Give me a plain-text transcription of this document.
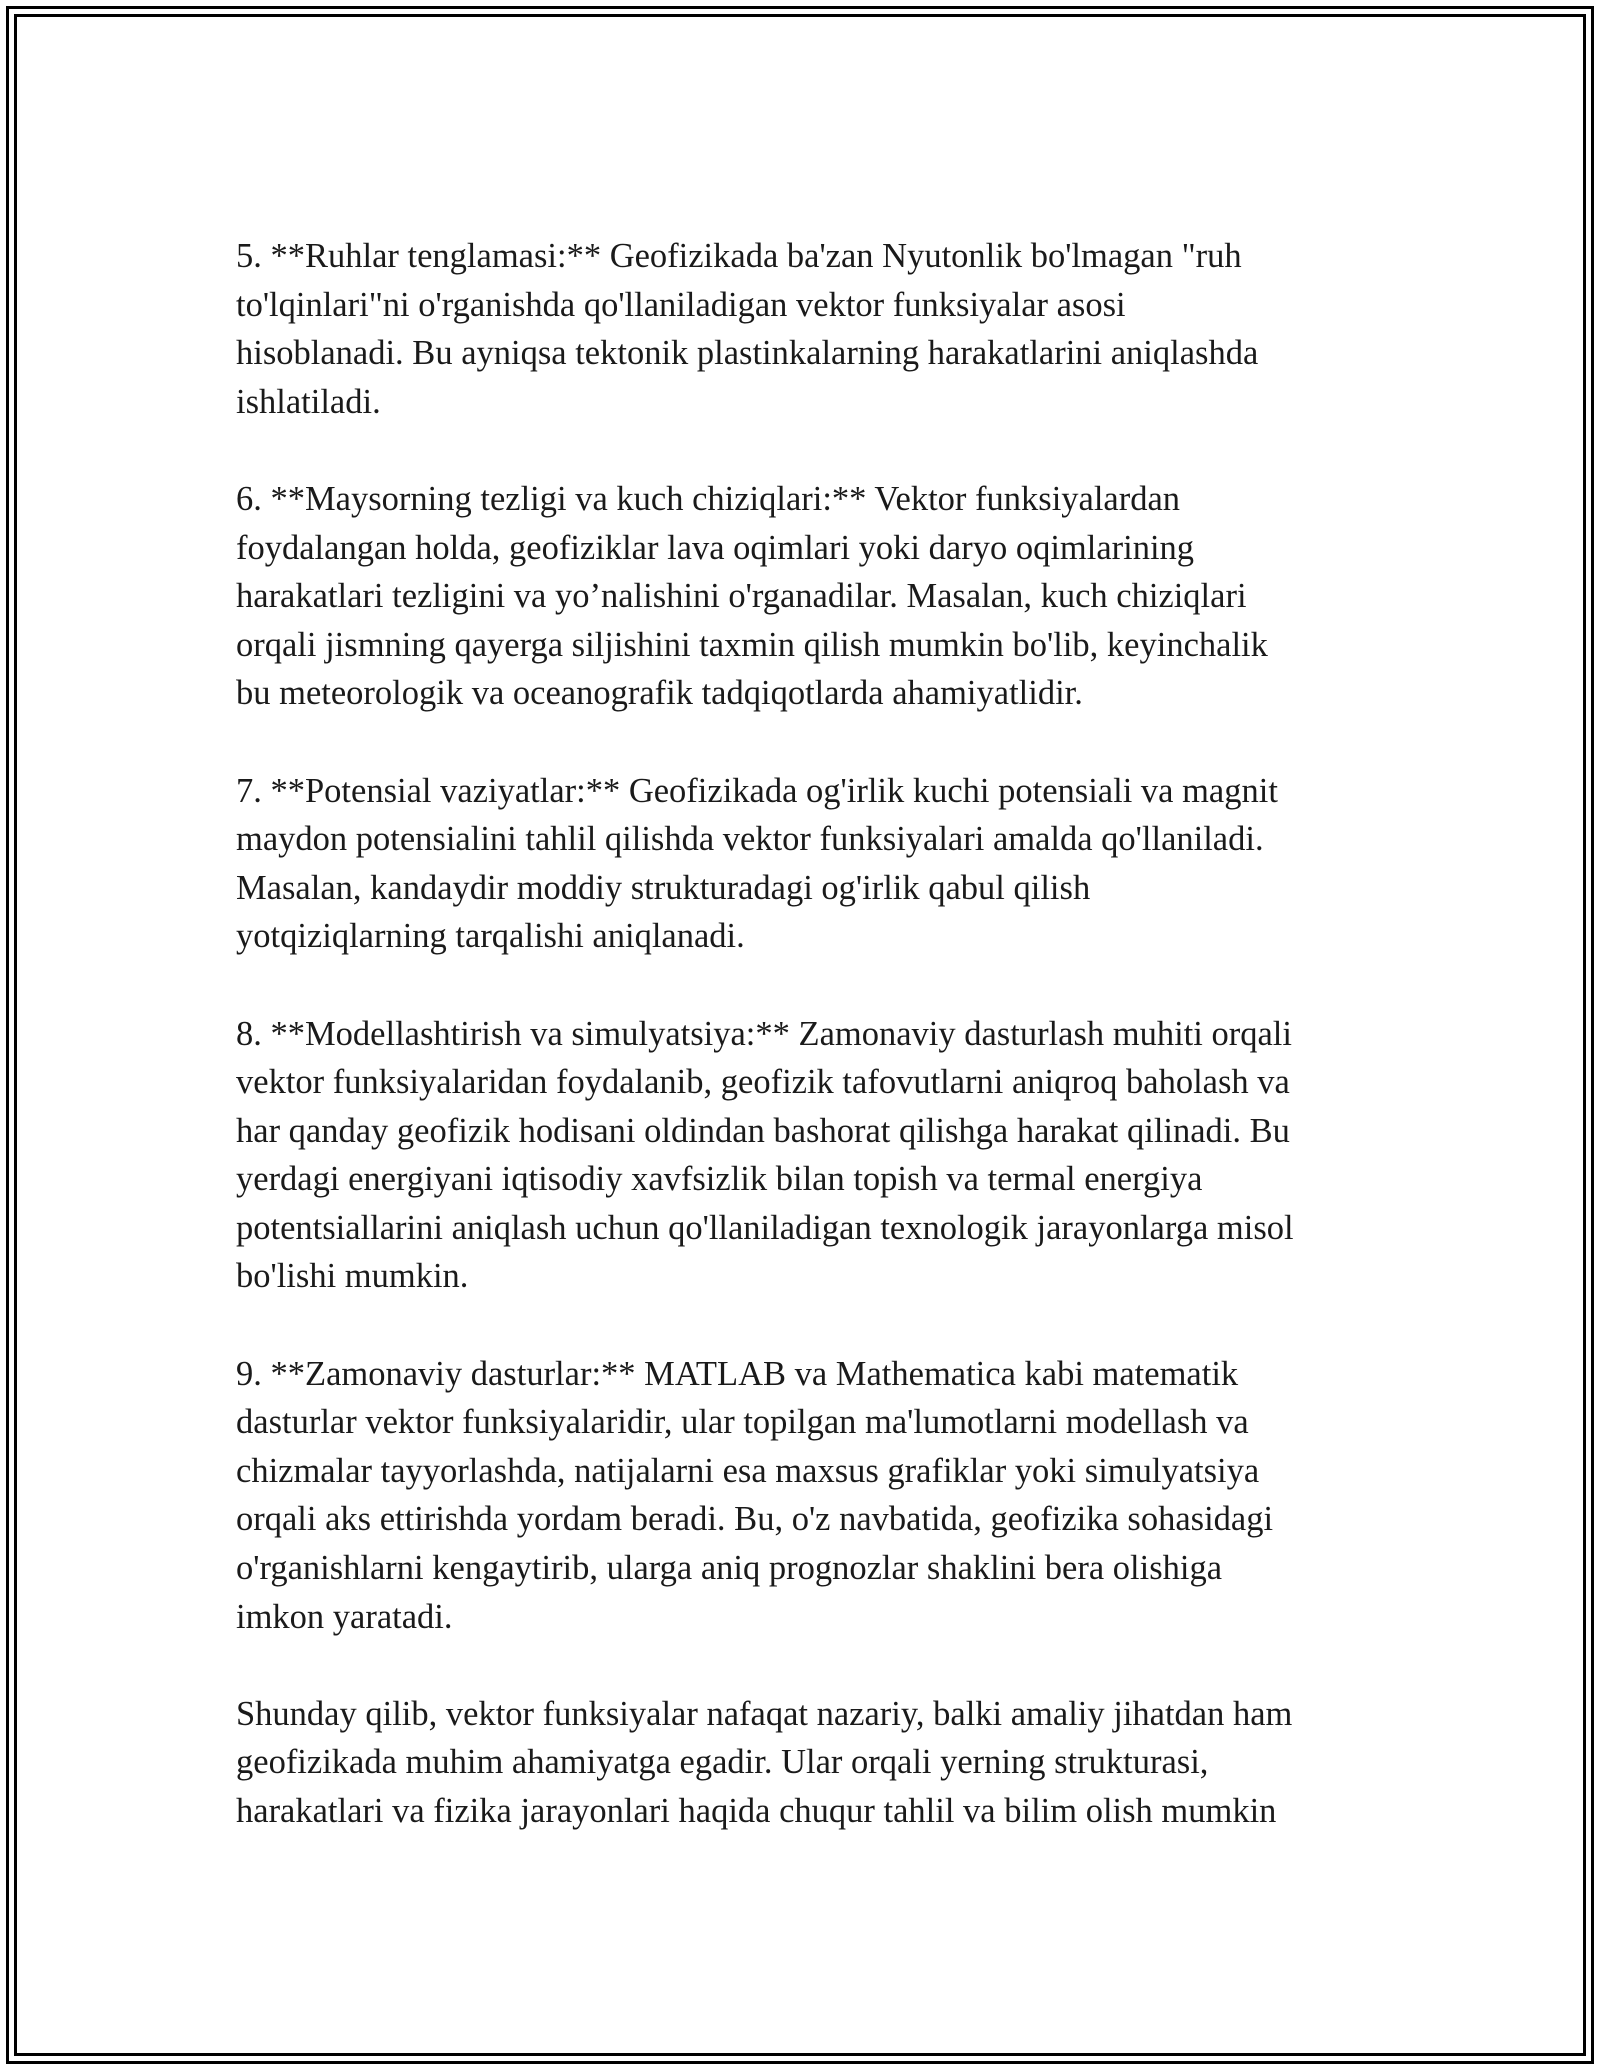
5. **Ruhlar tenglamasi:** Geofizikada ba'zan Nyutonlik bo'lmagan "ruh
to'lqinlari"ni o'rganishda qo'llaniladigan vektor funksiyalar asosi
hisoblanadi. Bu ayniqsa tektonik plastinkalarning harakatlarini aniqlashda
ishlatiladi.
6. **Maysorning tezligi va kuch chiziqlari:** Vektor funksiyalardan
foydalangan holda, geofiziklar lava oqimlari yoki daryo oqimlarining
harakatlari tezligini va yo’nalishini o'rganadilar. Masalan, kuch chiziqlari
orqali jismning qayerga siljishini taxmin qilish mumkin bo'lib, keyinchalik
bu meteorologik va oceanografik tadqiqotlarda ahamiyatlidir.
7. **Potensial vaziyatlar:** Geofizikada og'irlik kuchi potensiali va magnit
maydon potensialini tahlil qilishda vektor funksiyalari amalda qo'llaniladi.
Masalan, kandaydir moddiy strukturadagi og'irlik qabul qilish
yotqiziqlarning tarqalishi aniqlanadi.
8. **Modellashtirish va simulyatsiya:** Zamonaviy dasturlash muhiti orqali
vektor funksiyalaridan foydalanib, geofizik tafovutlarni aniqroq baholash va
har qanday geofizik hodisani oldindan bashorat qilishga harakat qilinadi. Bu
yerdagi energiyani iqtisodiy xavfsizlik bilan topish va termal energiya
potentsiallarini aniqlash uchun qo'llaniladigan texnologik jarayonlarga misol
bo'lishi mumkin.
9. **Zamonaviy dasturlar:** MATLAB va Mathematica kabi matematik
dasturlar vektor funksiyalaridir, ular topilgan ma'lumotlarni modellash va
chizmalar tayyorlashda, natijalarni esa maxsus grafiklar yoki simulyatsiya
orqali aks ettirishda yordam beradi. Bu, o'z navbatida, geofizika sohasidagi
o'rganishlarni kengaytirib, ularga aniq prognozlar shaklini bera olishiga
imkon yaratadi.
Shunday qilib, vektor funksiyalar nafaqat nazariy, balki amaliy jihatdan ham
geofizikada muhim ahamiyatga egadir. Ular orqali yerning strukturasi,
harakatlari va fizika jarayonlari haqida chuqur tahlil va bilim olish mumkin
